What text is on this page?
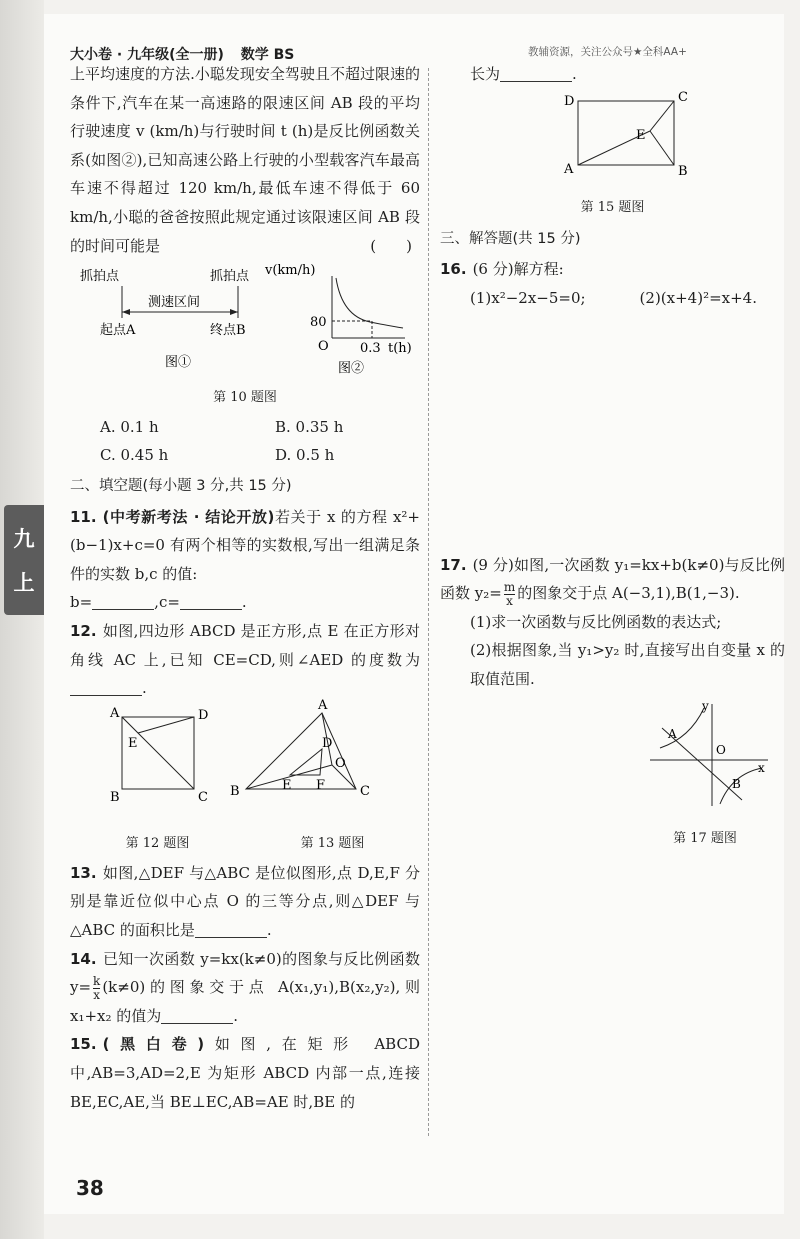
九
上
大小卷 · 九年级(全一册) 数学 BS	教辅资源，关注公众号★全科AA+

上平均速度的方法.小聪发现安全驾驶且不超过限速的条件下,汽车在某一高速路的限速区间 AB 段的平均行驶速度 v (km/h)与行驶时间 t (h)是反比例函数关系(如图②),已知高速公路上行驶的小型载客汽车最高车速不得超过 120 km/h,最低车速不得低于 60 km/h,小聪的爸爸按照此规定通过该限速区间 AB 段的时间可能是	(　　)

抓拍点	抓拍点
测速区间
起点A	终点B
图①
v(km/h)
80
O 0.3 t(h)
图②
第 10 题图
A. 0.1 h	B. 0.35 h
C. 0.45 h	D. 0.5 h
二、填空题(每小题 3 分,共 15 分)

11. (中考新考法 · 结论开放)若关于 x 的方程 x²+(b−1)x+c=0 有两个相等的实数根,写出一组满足条件的实数 b,c 的值:
b=	,c=	.

12. 如图,四边形 ABCD 是正方形,点 E 在正方形对角线 AC 上,已知 CE=CD,则∠AED 的度数为.

A	D
E
B	C
A
D
O
B	E F	C
第 12 题图	第 13 题图

13. 如图,△DEF 与△ABC 是位似图形,点 D,E,F 分别是靠近位似中心点 O 的三等分点,则△DEF 与△ABC 的面积比是	.

14. 已知一次函数 y=kx(k≠0)的图象与反比例函数 $y= \frac{k}{x} (k\ne 0)$的图象交于点 A(x₁,y₁),B(x₂,y₂),则 x₁+x₂ 的值为	.

15. (黑白卷)如图,在矩形 ABCD 中,AB=3,AD=2,E 为矩形 ABCD 内部一点,连接 BE,EC,AE,当 BE⊥EC,AB=AE 时,BE 的

长为	.

D	C
E
A	B
第 15 题图
三、解答题(共 15 分)

16. (6 分)解方程:

(1)x²−2x−5=0;	(2)(x+4)²=x+4.

17. (9 分)如图,一次函数 y₁=kx+b(k≠0)与反比例函数 $y_2= \frac{m}{x}$ 的图象交于点 A(−3,1),B(1,−3).

(1)求一次函数与反比例函数的表达式;

(2)根据图象,当 y₁>y₂ 时,直接写出自变量 x 的取值范围.

y
A
O
x
B
第 17 题图
38
